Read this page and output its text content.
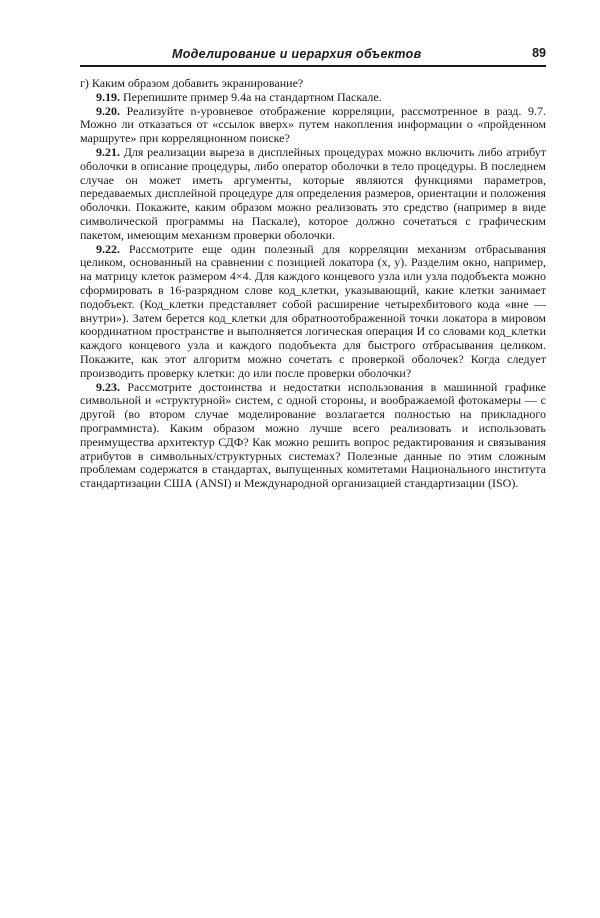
Моделирование и иерархия объектов	89

г) Каким образом добавить экранирование?

9.19. Перепишите пример 9.4а на стандартном Паскале.

9.20. Реализуйте n-уровневое отображение корреляции, рассмотренное в разд. 9.7. Можно ли отказаться от «ссылок вверх» путем накопления информации о «пройденном маршруте» при корреляционном поиске?

9.21. Для реализации выреза в дисплейных процедурах можно включить либо атрибут оболочки в описание процедуры, либо оператор оболочки в тело процедуры. В последнем случае он может иметь аргументы, которые являются функциями параметров, передаваемых дисплейной процедуре для определения размеров, ориентации и положения оболочки. Покажите, каким образом можно реализовать это средство (например в виде символической программы на Паскале), которое должно сочетаться с графическим пакетом, имеющим механизм проверки оболочки.

9.22. Рассмотрите еще один полезный для корреляции механизм отбрасывания целиком, основанный на сравнении с позицией локатора (x, y). Разделим окно, например, на матрицу клеток размером 4×4. Для каждого концевого узла или узла подобъекта можно сформировать в 16-разрядном слове код_клетки, указывающий, какие клетки занимает подобъект. (Код_клетки представляет собой расширение четырехбитового кода «вне — внутри»). Затем берется код_клетки для обратноотображенной точки локатора в мировом координатном пространстве и выполняется логическая операция И со словами код_клетки каждого концевого узла и каждого подобъекта для быстрого отбрасывания целиком. Покажите, как этот алгоритм можно сочетать с проверкой оболочек? Когда следует производить проверку клетки: до или после проверки оболочки?

9.23. Рассмотрите достоинства и недостатки использования в машинной графике символьной и «структурной» систем, с одной стороны, и воображаемой фотокамеры — с другой (во втором случае моделирование возлагается полностью на прикладного программиста). Каким образом можно лучше всего реализовать и использовать преимущества архитектур СДФ? Как можно решить вопрос редактирования и связывания атрибутов в символьных/структурных системах? Полезные данные по этим сложным проблемам содержатся в стандартах, выпущенных комитетами Национального института стандартизации США (ANSI) и Международной организацией стандартизации (ISO).
